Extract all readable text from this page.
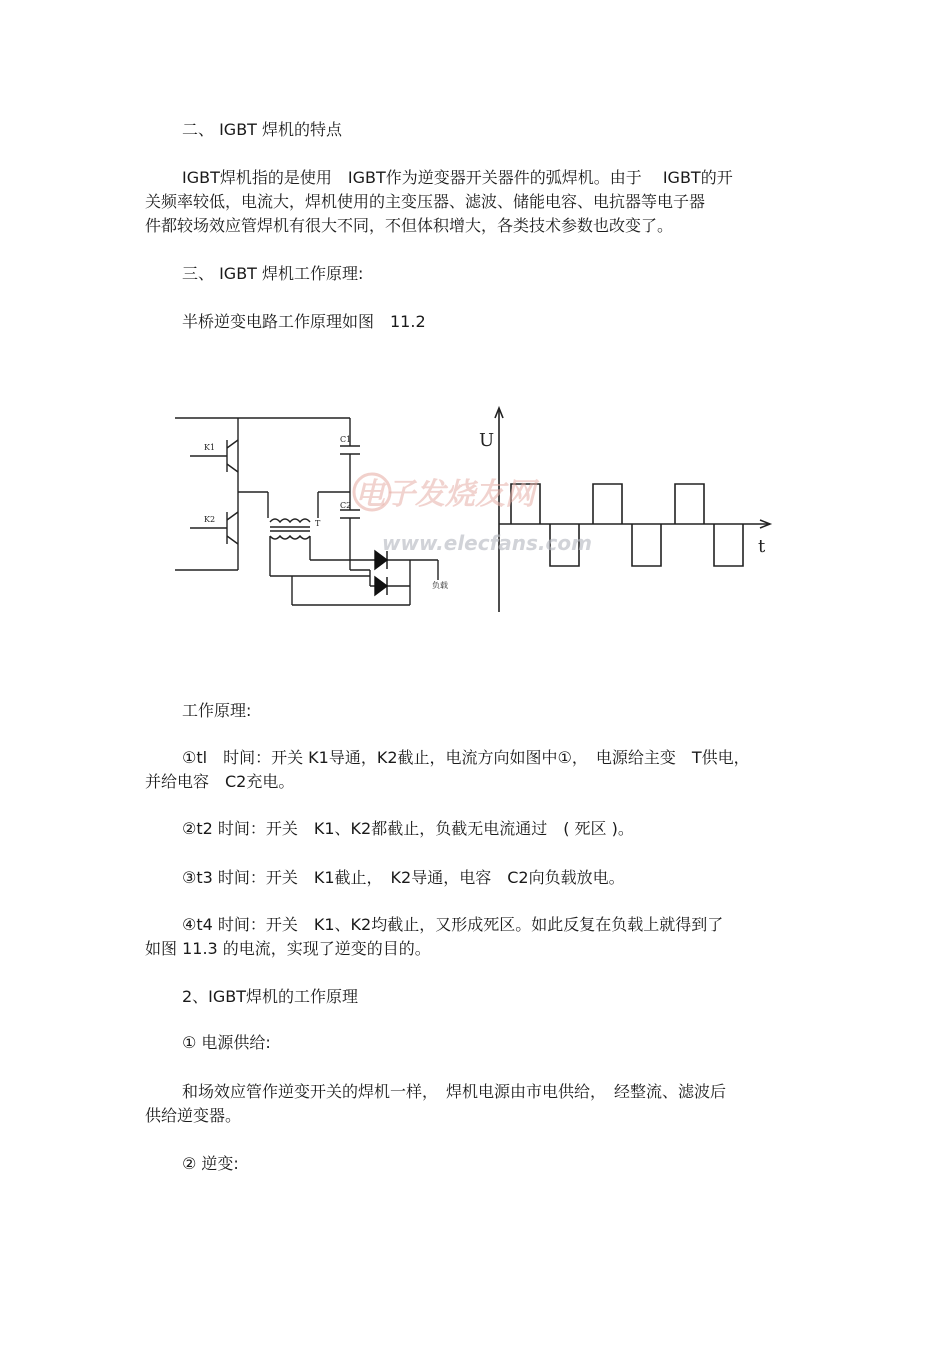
二、 IGBT 焊机的特点
IGBT焊机指的是使用　IGBT作为逆变器开关器件的弧焊机。由于　 IGBT的开
关频率较低，电流大，焊机使用的主变压器、滤波、储能电容、电抗器等电子器
件都较场效应管焊机有很大不同，不但体积增大，各类技术参数也改变了。
三、 IGBT 焊机工作原理:
半桥逆变电路工作原理如图　11.2
K1
K2
C1
C2
T
负载
U
t
电子发烧友网
www.elecfans.com
工作原理:
①tl　时间：开关 K1导通，K2截止，电流方向如图中①，　电源给主变　T供电，
并给电容　C2充电。
②t2 时间：开关　K1、K2都截止，负截无电流通过　( 死区 )。
③t3 时间：开关　K1截止，　K2导通，电容　C2向负载放电。
④t4 时间：开关　K1、K2均截止，又形成死区。如此反复在负载上就得到了
如图 11.3 的电流，实现了逆变的目的。
2、IGBT焊机的工作原理
① 电源供给:
和场效应管作逆变开关的焊机一样，　焊机电源由市电供给，　经整流、滤波后
供给逆变器。
② 逆变:
